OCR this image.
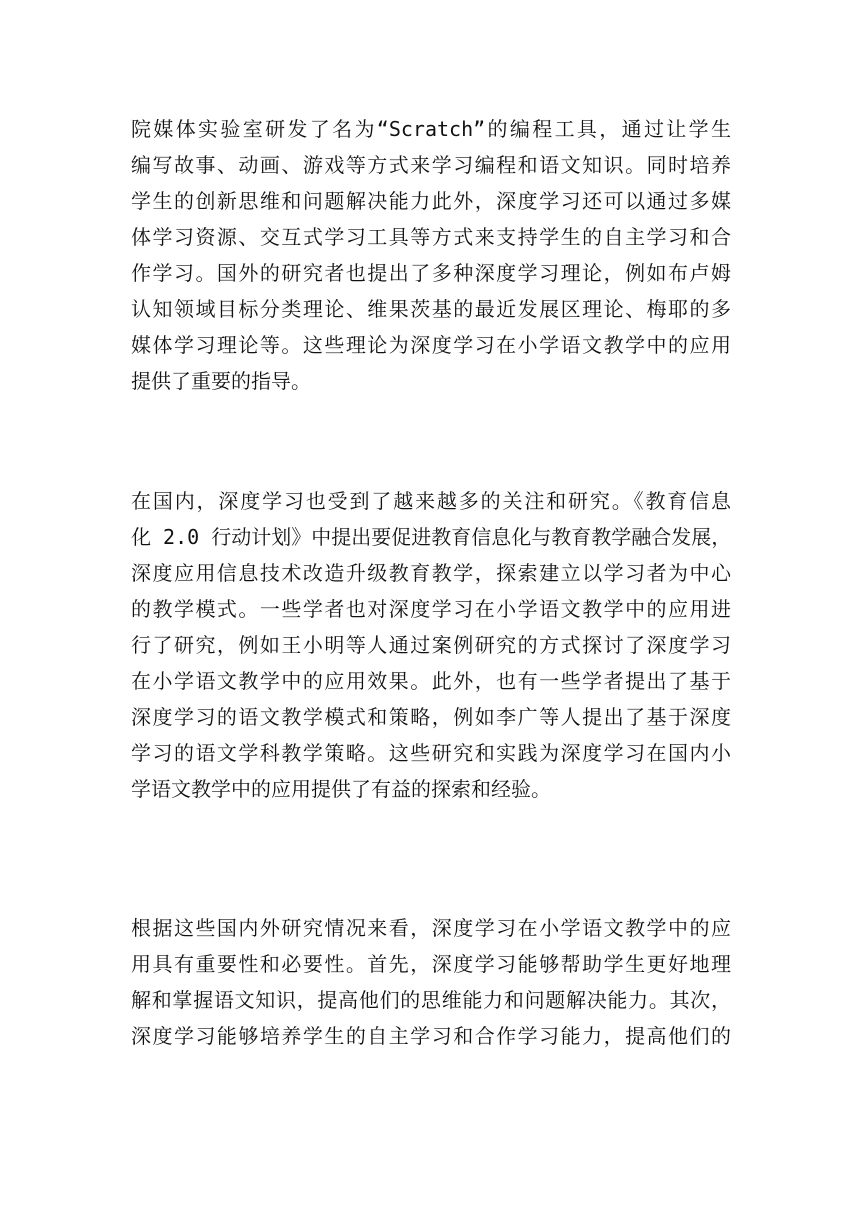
院媒体实验室研发了名为“Scratch”的编程工具，通过让学生
编写故事、动画、游戏等方式来学习编程和语文知识。同时培养
学生的创新思维和问题解决能力此外，深度学习还可以通过多媒
体学习资源、交互式学习工具等方式来支持学生的自主学习和合
作学习。国外的研究者也提出了多种深度学习理论，例如布卢姆
认知领域目标分类理论、维果茨基的最近发展区理论、梅耶的多
媒体学习理论等。这些理论为深度学习在小学语文教学中的应用
提供了重要的指导。
在国内，深度学习也受到了越来越多的关注和研究。《教育信息
化 2.0 行动计划》中提出要促进教育信息化与教育教学融合发展，
深度应用信息技术改造升级教育教学，探索建立以学习者为中心
的教学模式。一些学者也对深度学习在小学语文教学中的应用进
行了研究，例如王小明等人通过案例研究的方式探讨了深度学习
在小学语文教学中的应用效果。此外，也有一些学者提出了基于
深度学习的语文教学模式和策略，例如李广等人提出了基于深度
学习的语文学科教学策略。这些研究和实践为深度学习在国内小
学语文教学中的应用提供了有益的探索和经验。
根据这些国内外研究情况来看，深度学习在小学语文教学中的应
用具有重要性和必要性。首先，深度学习能够帮助学生更好地理
解和掌握语文知识，提高他们的思维能力和问题解决能力。其次，
深度学习能够培养学生的自主学习和合作学习能力，提高他们的
